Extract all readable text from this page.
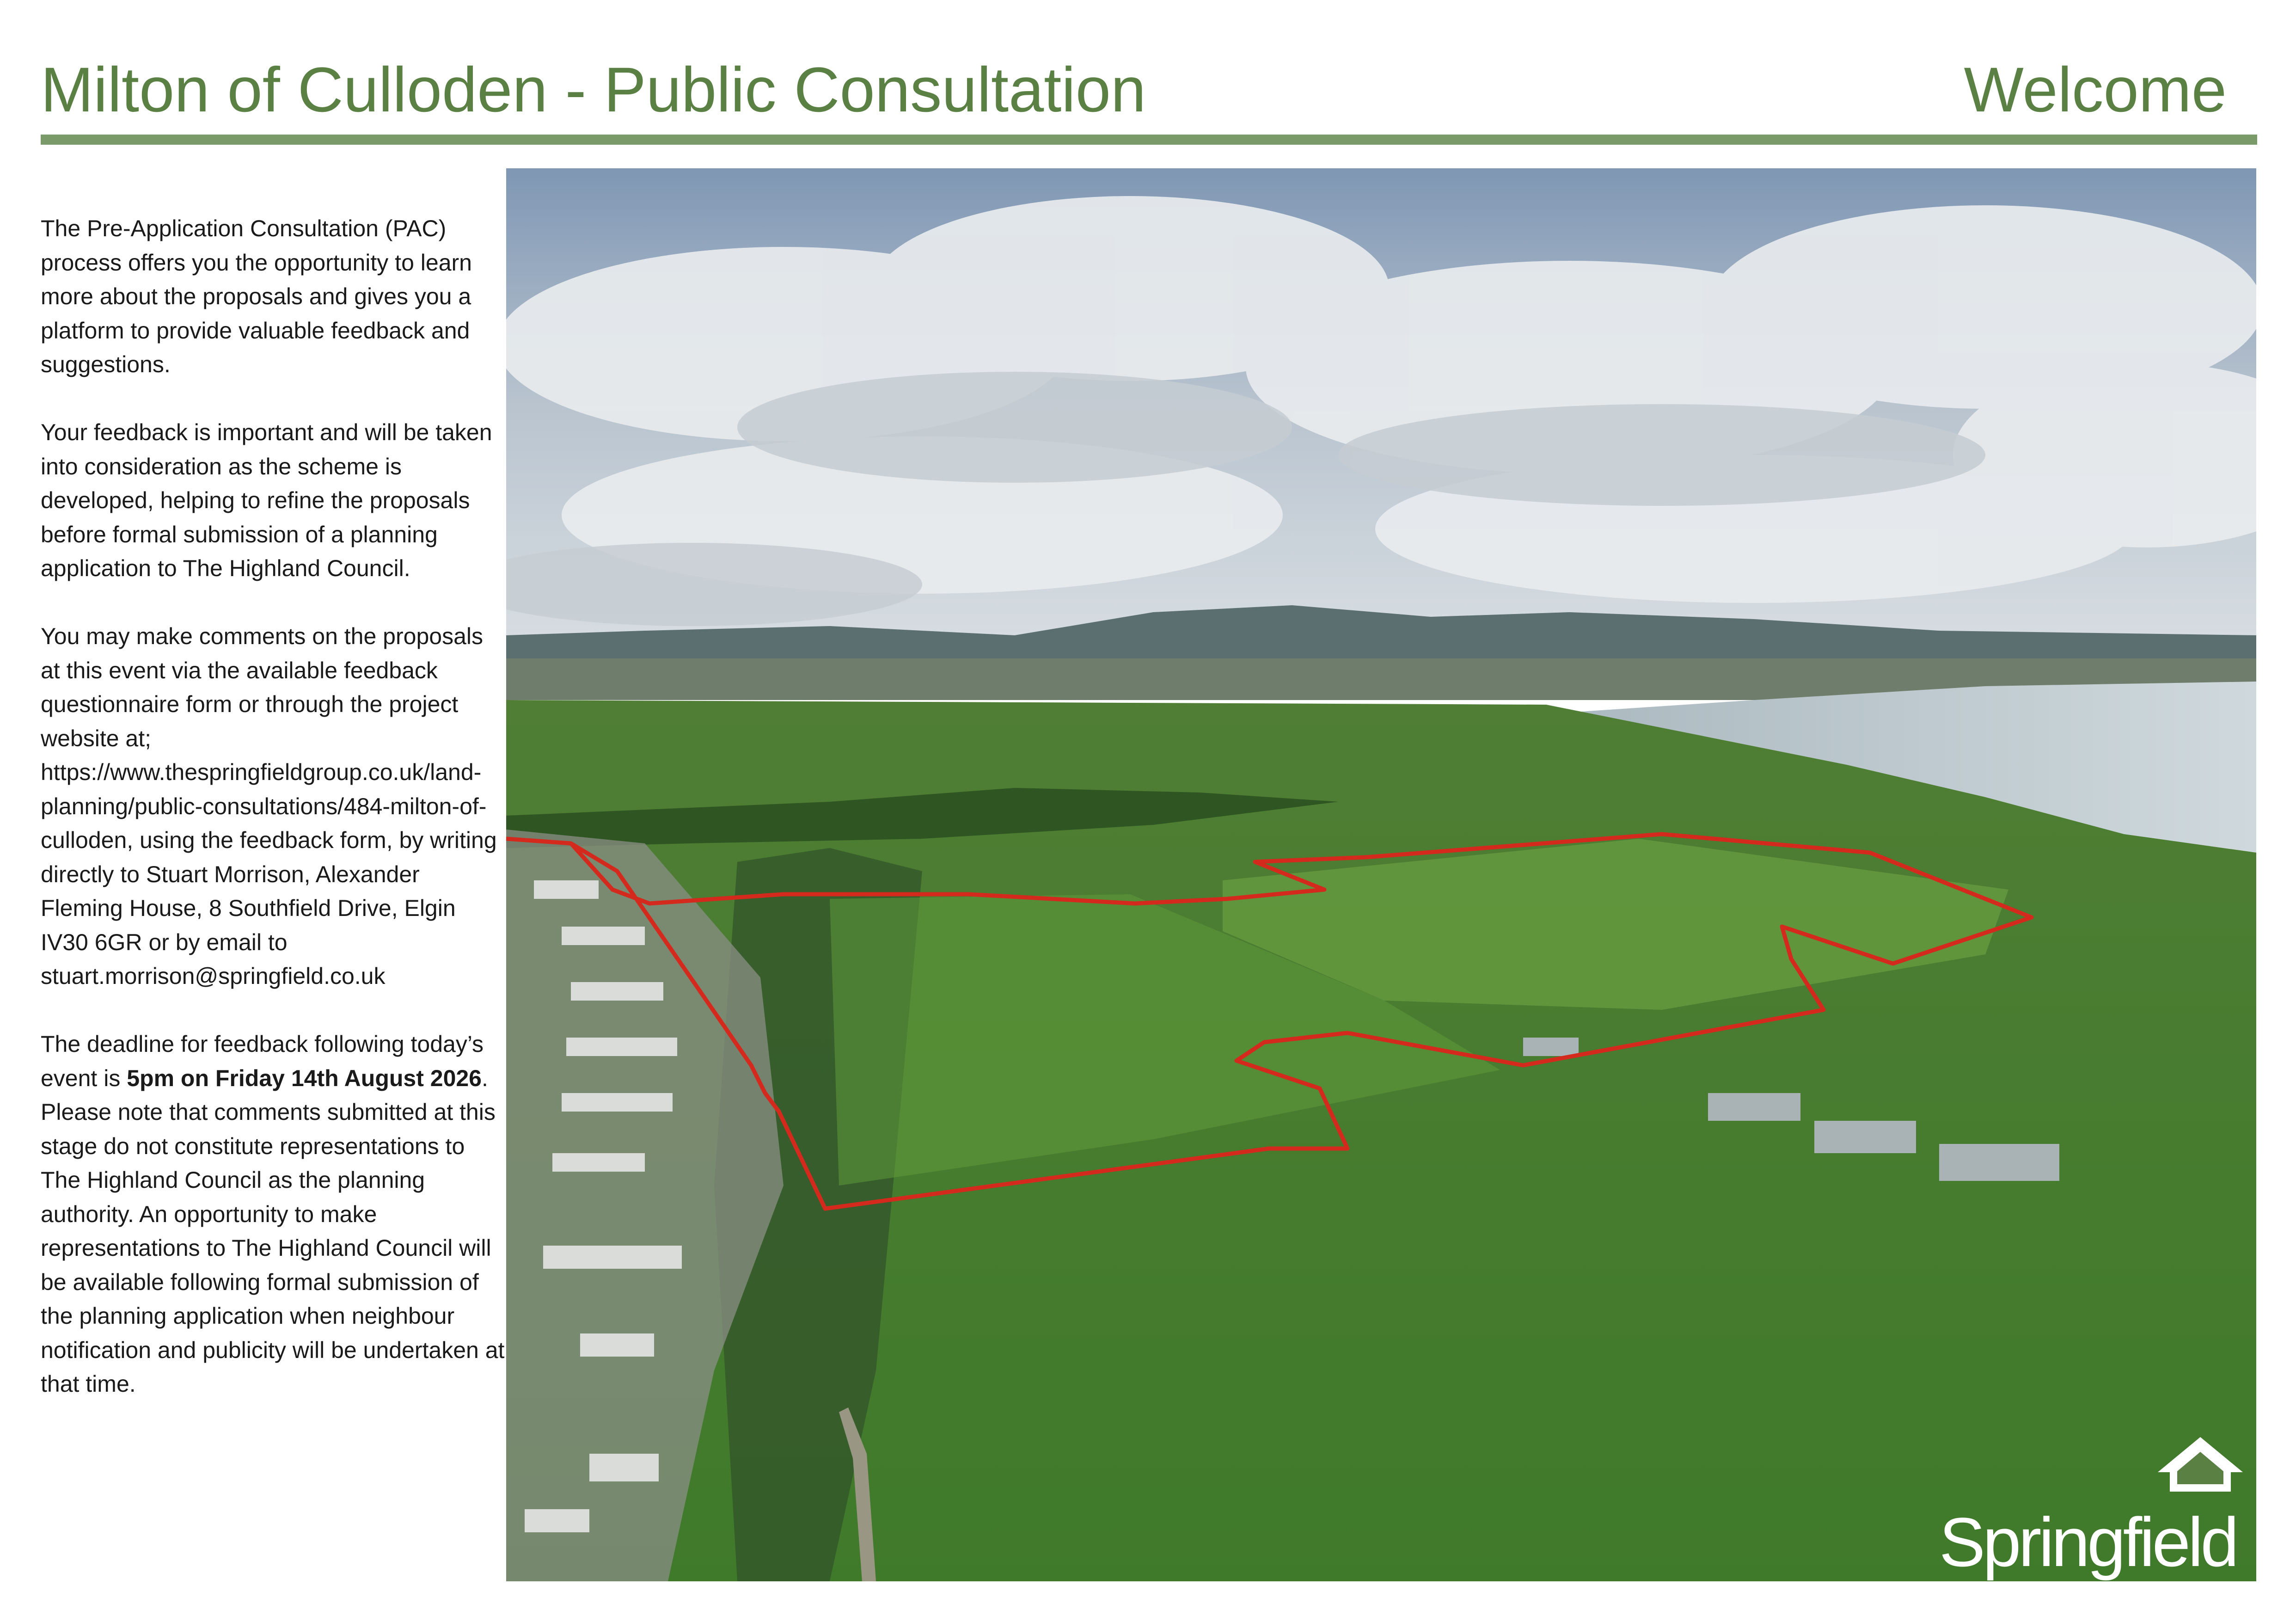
Milton of Culloden - Public Consultation	Welcome

The Pre-Application Consultation (PAC) process offers you the opportunity to learn more about the proposals and gives you a platform to provide valuable feedback and suggestions.

Your feedback is important and will be taken into consideration as the scheme is developed, helping to refine the proposals before formal submission of a planning application to The Highland Council.

You may make comments on the proposals at this event via the available feedback questionnaire form or through the project website at; https://www.thespringfieldgroup.co.uk/land-planning/public-consultations/484-milton-of-culloden, using the feedback form, by writing directly to Stuart Morrison, Alexander Fleming House, 8 Southfield Drive, Elgin IV30 6GR or by email to stuart.morrison@springfield.co.uk

The deadline for feedback following today’s event is 5pm on Friday 14th August 2026. Please note that comments submitted at this stage do not constitute representations to The Highland Council as the planning authority. An opportunity to make representations to The Highland Council will be available following formal submission of the planning application when neighbour notification and publicity will be undertaken at that time.

Springfield
